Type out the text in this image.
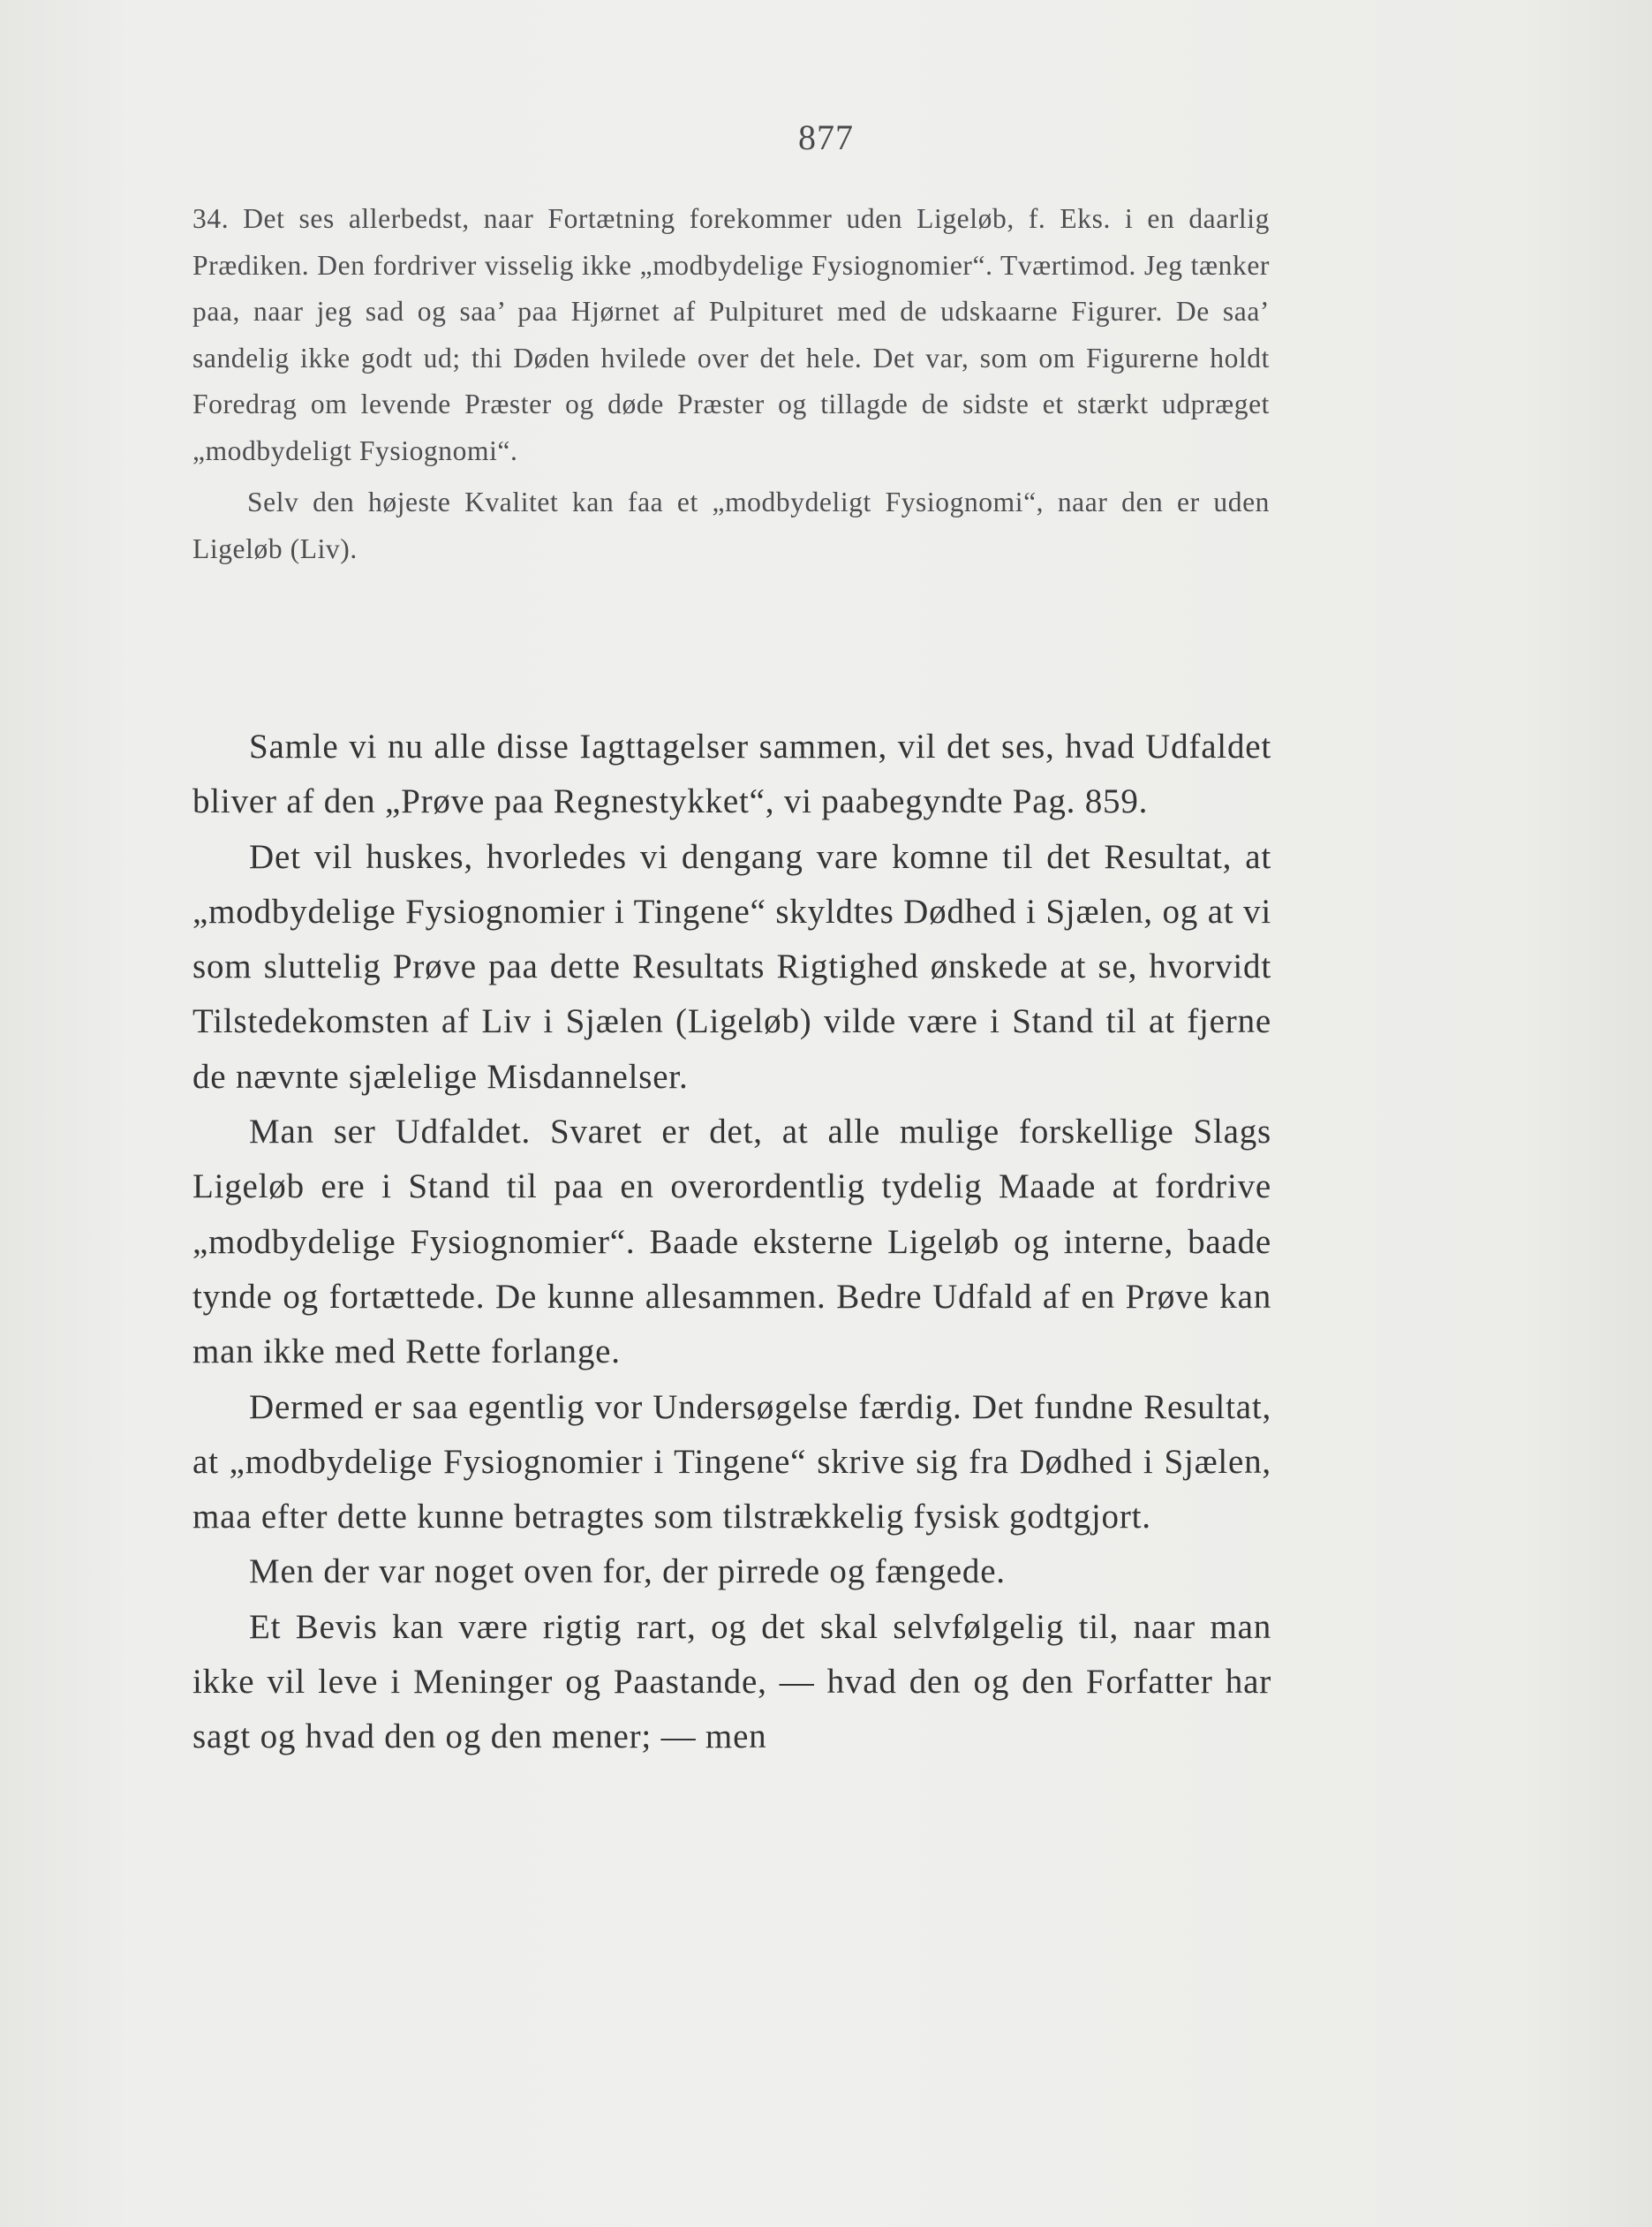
877

34. Det ses allerbedst, naar Fortætning forekommer uden Ligeløb, f. Eks. i en daarlig Prædiken. Den fordriver visselig ikke „modbydelige Fysiognomier“. Tværtimod. Jeg tænker paa, naar jeg sad og saa’ paa Hjørnet af Pulpituret med de udskaarne Figurer. De saa’ sandelig ikke godt ud; thi Døden hvilede over det hele. Det var, som om Figurerne holdt Foredrag om levende Præster og døde Præster og tillagde de sidste et stærkt udpræget „modbydeligt Fysiognomi“.

Selv den højeste Kvalitet kan faa et „modbydeligt Fysiognomi“, naar den er uden Ligeløb (Liv).

Samle vi nu alle disse Iagttagelser sammen, vil det ses, hvad Udfaldet bliver af den „Prøve paa Regnestykket“, vi paabegyndte Pag. 859.

Det vil huskes, hvorledes vi dengang vare komne til det Resultat, at „modbydelige Fysiognomier i Tingene“ skyldtes Dødhed i Sjælen, og at vi som sluttelig Prøve paa dette Resultats Rigtighed ønskede at se, hvorvidt Tilstedekomsten af Liv i Sjælen (Ligeløb) vilde være i Stand til at fjerne de nævnte sjælelige Misdannelser.

Man ser Udfaldet. Svaret er det, at alle mulige forskellige Slags Ligeløb ere i Stand til paa en overordentlig tydelig Maade at fordrive „modbydelige Fysiognomier“. Baade eksterne Ligeløb og interne, baade tynde og fortættede. De kunne allesammen. Bedre Udfald af en Prøve kan man ikke med Rette forlange.

Dermed er saa egentlig vor Undersøgelse færdig. Det fundne Resultat, at „modbydelige Fysiognomier i Tingene“ skrive sig fra Dødhed i Sjælen, maa efter dette kunne betragtes som tilstrækkelig fysisk godtgjort.

Men der var noget oven for, der pirrede og fængede.

Et Bevis kan være rigtig rart, og det skal selvfølgelig til, naar man ikke vil leve i Meninger og Paastande, — hvad den og den Forfatter har sagt og hvad den og den mener; — men
